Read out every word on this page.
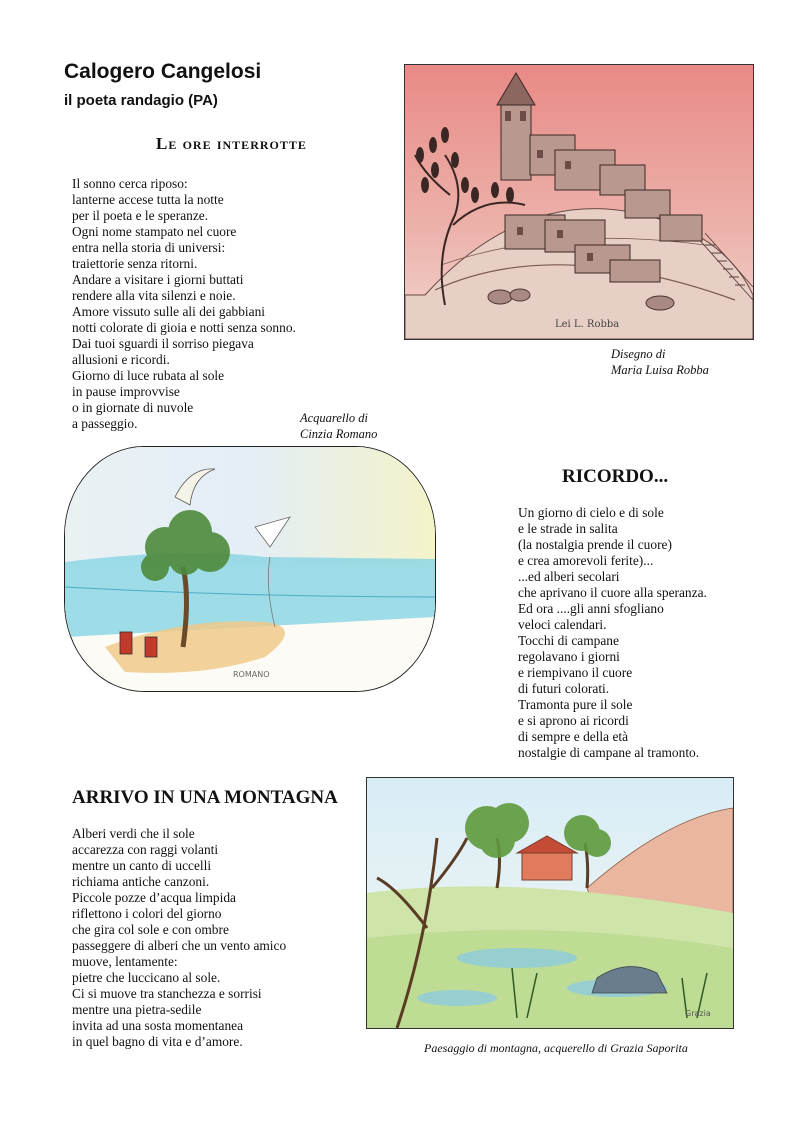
Calogero Cangelosi
il poeta randagio (PA)
Le ore interrotte
Il sonno cerca riposo:
lanterne accese tutta la notte
per il poeta e le speranze.
Ogni nome stampato nel cuore
entra nella storia di universi:
traiettorie senza ritorni.
Andare a visitare i giorni buttati
rendere alla vita silenzi e noie.
Amore vissuto sulle ali dei gabbiani
notti colorate di gioia e notti senza sonno.
Dai tuoi sguardi il sorriso piegava
allusioni e ricordi.
Giorno di luce rubata al sole
in pause improvvise
o in giornate di nuvole
a passeggio.
Lei L. Robba
Disegno di
Maria Luisa Robba
Acquarello di
Cinzia Romano
ROMANO
RICORDO...
Un giorno di cielo e di sole
e le strade in salita
(la nostalgia prende il cuore)
e crea amorevoli ferite)...
...ed alberi secolari
che aprivano il cuore alla speranza.
Ed ora ....gli anni sfogliano
veloci calendari.
Tocchi di campane
regolavano i giorni
e riempivano il cuore
di futuri colorati.
Tramonta pure il sole
e si aprono ai ricordi
di sempre e della età
nostalgie di campane al tramonto.
ARRIVO IN UNA MONTAGNA
Alberi verdi che il sole
accarezza con raggi volanti
mentre un canto di uccelli
richiama antiche canzoni.
Piccole pozze d’acqua limpida
riflettono i colori del giorno
che gira col sole e con ombre
passeggere di alberi che un vento amico
muove, lentamente:
pietre che luccicano al sole.
Ci si muove tra stanchezza e sorrisi
mentre una pietra-sedile
invita ad una sosta momentanea
in quel bagno di vita e d’amore.
Grazia
Paesaggio di montagna, acquerello di Grazia Saporita
